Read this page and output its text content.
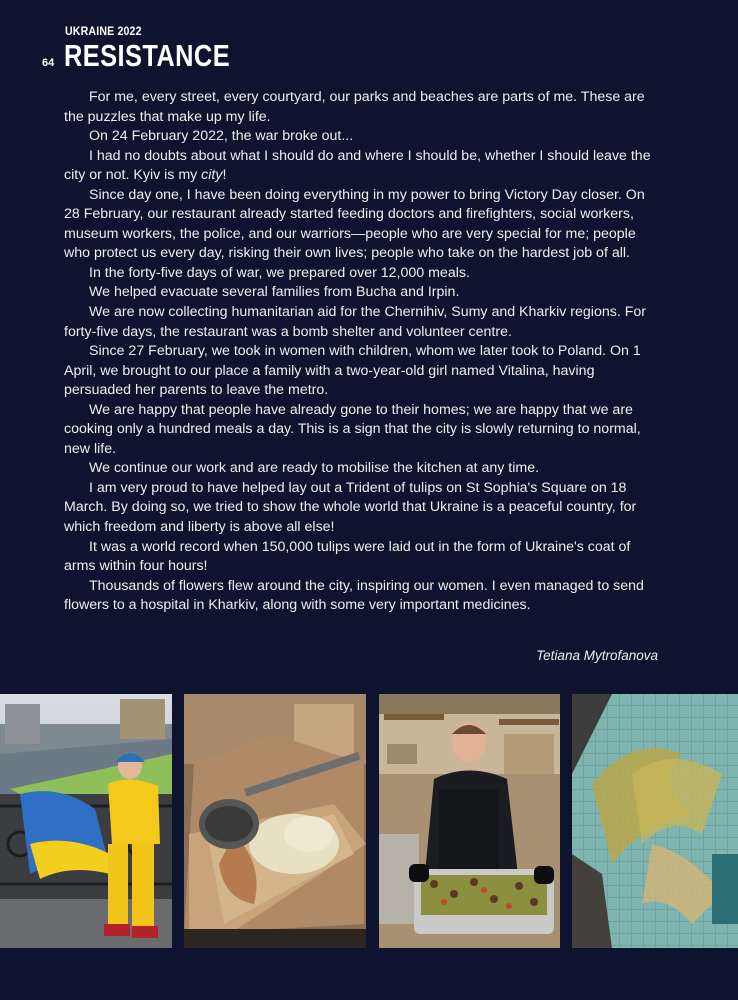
UKRAINE 2022
64 RESISTANCE

For me, every street, every courtyard, our parks and beaches are parts of me. These are the puzzles that make up my life.

On 24 February 2022, the war broke out...

I had no doubts about what I should do and where I should be, whether I should leave the city or not. Kyiv is my city!

Since day one, I have been doing everything in my power to bring Victory Day closer. On 28 February, our restaurant already started feeding doctors and firefighters, social workers, museum workers, the police, and our warriors—people who are very special for me; people who protect us every day, risking their own lives; people who take on the hardest job of all.

In the forty-five days of war, we prepared over 12,000 meals.

We helped evacuate several families from Bucha and Irpin.

We are now collecting humanitarian aid for the Chernihiv, Sumy and Kharkiv regions. For forty-five days, the restaurant was a bomb shelter and volunteer centre.

Since 27 February, we took in women with children, whom we later took to Poland. On 1 April, we brought to our place a family with a two-year-old girl named Vitalina, having persuaded her parents to leave the metro.

We are happy that people have already gone to their homes; we are happy that we are cooking only a hundred meals a day. This is a sign that the city is slowly returning to normal, new life.

We continue our work and are ready to mobilise the kitchen at any time.

I am very proud to have helped lay out a Trident of tulips on St Sophia's Square on 18 March. By doing so, we tried to show the whole world that Ukraine is a peaceful country, for which freedom and liberty is above all else!

It was a world record when 150,000 tulips were laid out in the form of Ukraine's coat of arms within four hours!

Thousands of flowers flew around the city, inspiring our women. I even managed to send flowers to a hospital in Kharkiv, along with some very important medicines.

Tetiana Mytrofanova
